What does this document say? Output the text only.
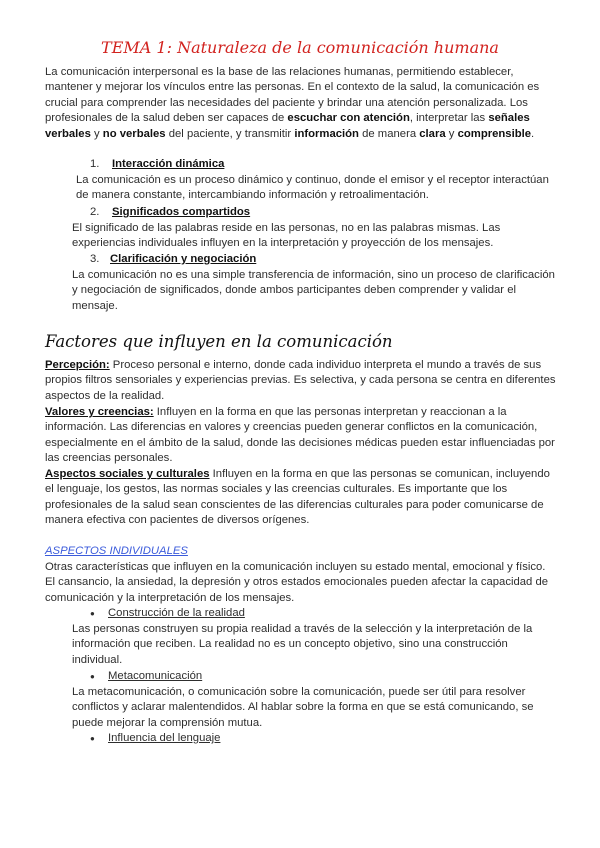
TEMA 1: Naturaleza de la comunicación humana

La comunicación interpersonal es la base de las relaciones humanas, permitiendo establecer, mantener y mejorar los vínculos entre las personas. En el contexto de la salud, la comunicación es crucial para comprender las necesidades del paciente y brindar una atención personalizada. Los profesionales de la salud deben ser capaces de escuchar con atención, interpretar las señales verbales y no verbales del paciente, y transmitir información de manera clara y comprensible.

1. Interacción dinámica

La comunicación es un proceso dinámico y continuo, donde el emisor y el receptor interactúan de manera constante, intercambiando información y retroalimentación.

2. Significados compartidos

El significado de las palabras reside en las personas, no en las palabras mismas. Las experiencias individuales influyen en la interpretación y proyección de los mensajes.

3. Clarificación y negociación

La comunicación no es una simple transferencia de información, sino un proceso de clarificación y negociación de significados, donde ambos participantes deben comprender y validar el mensaje.

Factores que influyen en la comunicación

Percepción: Proceso personal e interno, donde cada individuo interpreta el mundo a través de sus propios filtros sensoriales y experiencias previas. Es selectiva, y cada persona se centra en diferentes aspectos de la realidad.

Valores y creencias: Influyen en la forma en que las personas interpretan y reaccionan a la información. Las diferencias en valores y creencias pueden generar conflictos en la comunicación, especialmente en el ámbito de la salud, donde las decisiones médicas pueden estar influenciadas por las creencias personales.

Aspectos sociales y culturales Influyen en la forma en que las personas se comunican, incluyendo el lenguaje, los gestos, las normas sociales y las creencias culturales. Es importante que los profesionales de la salud sean conscientes de las diferencias culturales para poder comunicarse de manera efectiva con pacientes de diversos orígenes.

ASPECTOS INDIVIDUALES

Otras características que influyen en la comunicación incluyen su estado mental, emocional y físico. El cansancio, la ansiedad, la depresión y otros estados emocionales pueden afectar la capacidad de comunicación y la interpretación de los mensajes.

● Construcción de la realidad

Las personas construyen su propia realidad a través de la selección y la interpretación de la información que reciben. La realidad no es un concepto objetivo, sino una construcción individual.

● Metacomunicación

La metacomunicación, o comunicación sobre la comunicación, puede ser útil para resolver conflictos y aclarar malentendidos. Al hablar sobre la forma en que se está comunicando, se puede mejorar la comprensión mutua.

● Influencia del lenguaje
